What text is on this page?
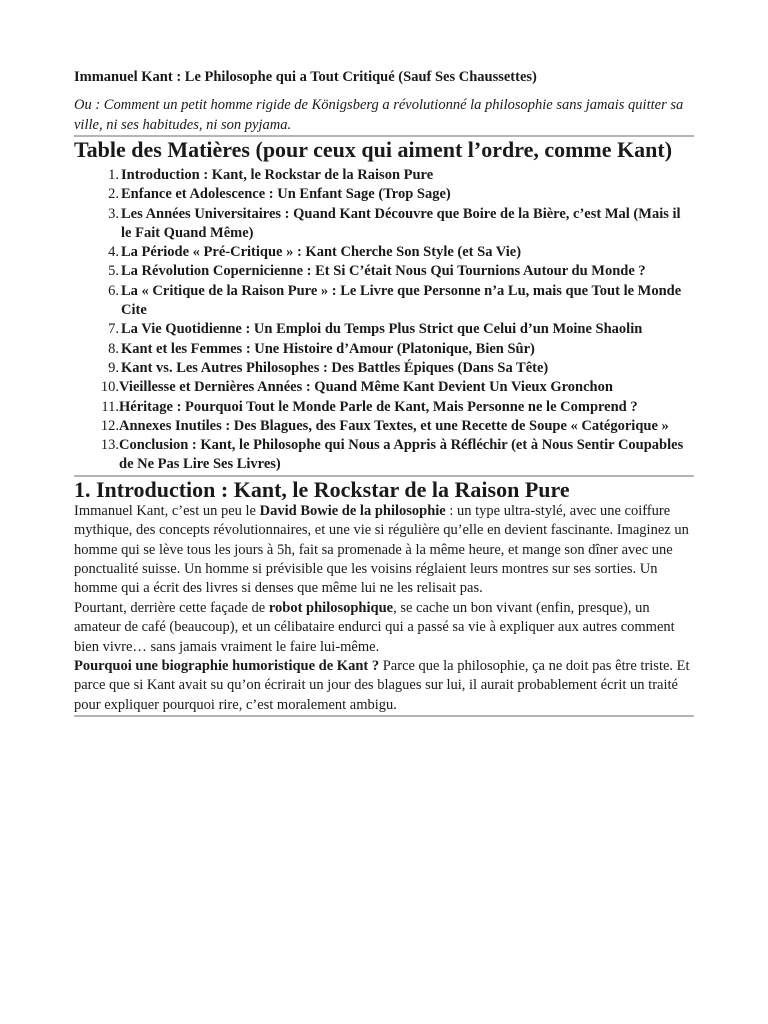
Immanuel Kant : Le Philosophe qui a Tout Critiqué (Sauf Ses Chaussettes)

Ou : Comment un petit homme rigide de Königsberg a révolutionné la philosophie sans jamais quitter sa ville, ni ses habitudes, ni son pyjama.

Table des Matières (pour ceux qui aiment l’ordre, comme Kant)
1. Introduction : Kant, le Rockstar de la Raison Pure
2. Enfance et Adolescence : Un Enfant Sage (Trop Sage)
3. Les Années Universitaires : Quand Kant Découvre que Boire de la Bière, c’est Mal (Mais il le Fait Quand Même)
4. La Période « Pré-Critique » : Kant Cherche Son Style (et Sa Vie)
5. La Révolution Copernicienne : Et Si C’était Nous Qui Tournions Autour du Monde ?
6. La « Critique de la Raison Pure » : Le Livre que Personne n’a Lu, mais que Tout le Monde Cite
7. La Vie Quotidienne : Un Emploi du Temps Plus Strict que Celui d’un Moine Shaolin
8. Kant et les Femmes : Une Histoire d’Amour (Platonique, Bien Sûr)
9. Kant vs. Les Autres Philosophes : Des Battles Épiques (Dans Sa Tête)
10. Vieillesse et Dernières Années : Quand Même Kant Devient Un Vieux Gronchon
11. Héritage : Pourquoi Tout le Monde Parle de Kant, Mais Personne ne le Comprend ?
12. Annexes Inutiles : Des Blagues, des Faux Textes, et une Recette de Soupe « Catégorique »
13. Conclusion : Kant, le Philosophe qui Nous a Appris à Réfléchir (et à Nous Sentir Coupables de Ne Pas Lire Ses Livres)
1. Introduction : Kant, le Rockstar de la Raison Pure

Immanuel Kant, c’est un peu le David Bowie de la philosophie : un type ultra-stylé, avec une coiffure mythique, des concepts révolutionnaires, et une vie si régulière qu’elle en devient fascinante. Imaginez un homme qui se lève tous les jours à 5h, fait sa promenade à la même heure, et mange son dîner avec une ponctualité suisse. Un homme si prévisible que les voisins réglaient leurs montres sur ses sorties. Un homme qui a écrit des livres si denses que même lui ne les relisait pas.

Pourtant, derrière cette façade de robot philosophique, se cache un bon vivant (enfin, presque), un amateur de café (beaucoup), et un célibataire endurci qui a passé sa vie à expliquer aux autres comment bien vivre… sans jamais vraiment le faire lui-même.

Pourquoi une biographie humoristique de Kant ? Parce que la philosophie, ça ne doit pas être triste. Et parce que si Kant avait su qu’on écrirait un jour des blagues sur lui, il aurait probablement écrit un traité pour expliquer pourquoi rire, c’est moralement ambigu.
